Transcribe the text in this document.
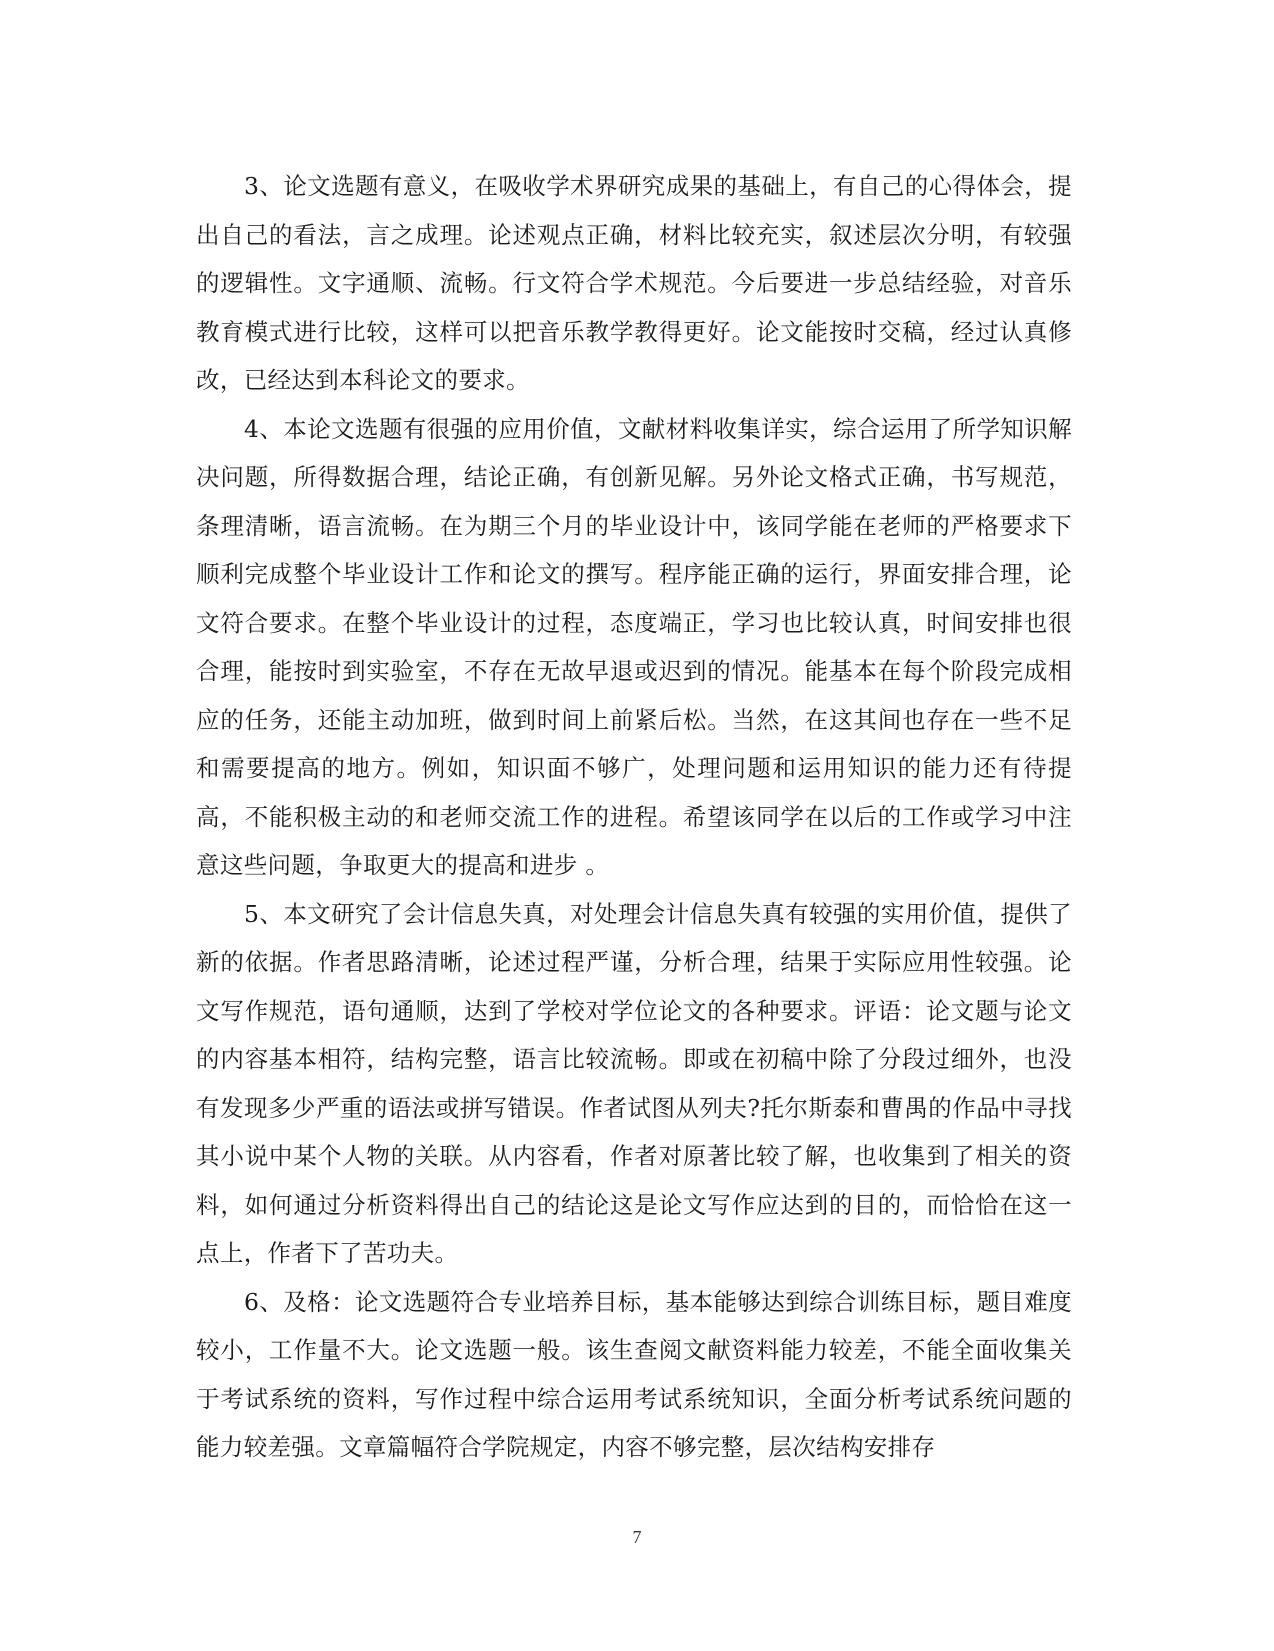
3、论文选题有意义，在吸收学术界研究成果的基础上，有自己的心得体会，提出自己的看法，言之成理。论述观点正确，材料比较充实，叙述层次分明，有较强的逻辑性。文字通顺、流畅。行文符合学术规范。今后要进一步总结经验，对音乐教育模式进行比较，这样可以把音乐教学教得更好。论文能按时交稿，经过认真修改，已经达到本科论文的要求。

4、本论文选题有很强的应用价值，文献材料收集详实，综合运用了所学知识解决问题，所得数据合理，结论正确，有创新见解。另外论文格式正确，书写规范，条理清晰，语言流畅。在为期三个月的毕业设计中，该同学能在老师的严格要求下顺利完成整个毕业设计工作和论文的撰写。程序能正确的运行，界面安排合理，论文符合要求。在整个毕业设计的过程，态度端正，学习也比较认真，时间安排也很合理，能按时到实验室，不存在无故早退或迟到的情况。能基本在每个阶段完成相应的任务，还能主动加班，做到时间上前紧后松。当然，在这其间也存在一些不足和需要提高的地方。例如，知识面不够广，处理问题和运用知识的能力还有待提高，不能积极主动的和老师交流工作的进程。希望该同学在以后的工作或学习中注意这些问题，争取更大的提高和进步 。

5、本文研究了会计信息失真，对处理会计信息失真有较强的实用价值，提供了新的依据。作者思路清晰，论述过程严谨，分析合理，结果于实际应用性较强。论文写作规范，语句通顺，达到了学校对学位论文的各种要求。评语：论文题与论文的内容基本相符，结构完整，语言比较流畅。即或在初稿中除了分段过细外，也没有发现多少严重的语法或拼写错误。作者试图从列夫?托尔斯泰和曹禺的作品中寻找其小说中某个人物的关联。从内容看，作者对原著比较了解，也收集到了相关的资料，如何通过分析资料得出自己的结论这是论文写作应达到的目的，而恰恰在这一点上，作者下了苦功夫。

6、及格：论文选题符合专业培养目标，基本能够达到综合训练目标，题目难度较小，工作量不大。论文选题一般。该生查阅文献资料能力较差，不能全面收集关于考试系统的资料，写作过程中综合运用考试系统知识，全面分析考试系统问题的能力较差强。文章篇幅符合学院规定，内容不够完整，层次结构安排存

7
